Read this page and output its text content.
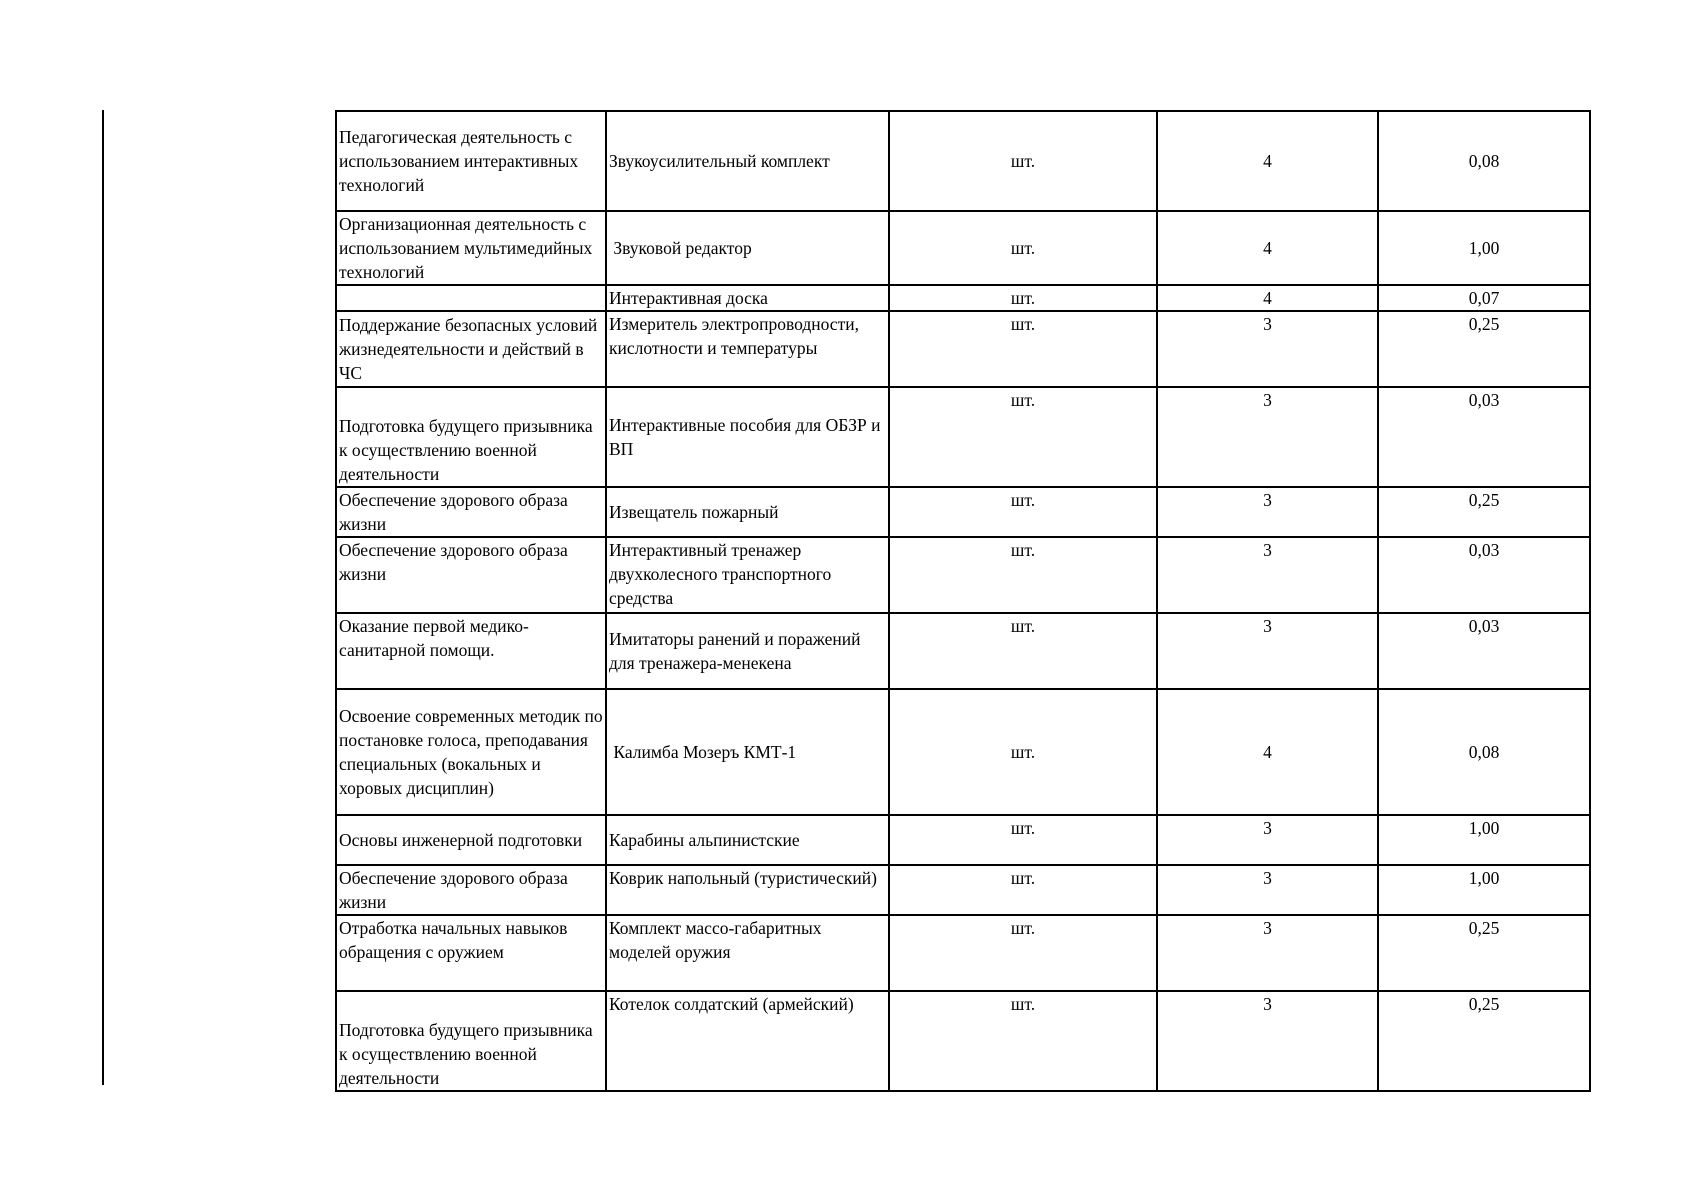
Педагогическая деятельность с использованием интерактивных технологий	Звукоусилительный комплект	шт.	4	0,08
Организационная деятельность с использованием мультимедийных технологий	Звуковой редактор	шт.	4	1,00
	Интерактивная доска	шт.	4	0,07
Поддержание безопасных условий жизнедеятельности и действий в ЧС	Измеритель электропроводности, кислотности и температуры	шт.	3	0,25
Подготовка будущего призывника к осуществлению военной деятельности	Интерактивные пособия для ОБЗР и ВП	шт.	3	0,03
Обеспечение здорового образа жизни	Извещатель пожарный	шт.	3	0,25
Обеспечение здорового образа жизни	Интерактивный тренажер двухколесного транспортного средства	шт.	3	0,03
Оказание первой медико-санитарной помощи.	Имитаторы ранений и поражений для тренажера-менекена	шт.	3	0,03
Освоение современных методик по постановке голоса, преподавания специальных (вокальных и хоровых дисциплин)	Калимба Мозеръ КМТ-1	шт.	4	0,08
Основы инженерной подготовки	Карабины альпинистские	шт.	3	1,00
Обеспечение здорового образа жизни	Коврик напольный (туристический)	шт.	3	1,00
Отработка начальных навыков обращения с оружием	Комплект массо-габаритных моделей оружия	шт.	3	0,25
Подготовка будущего призывника к осуществлению военной деятельности	Котелок солдатский (армейский)	шт.	3	0,25
